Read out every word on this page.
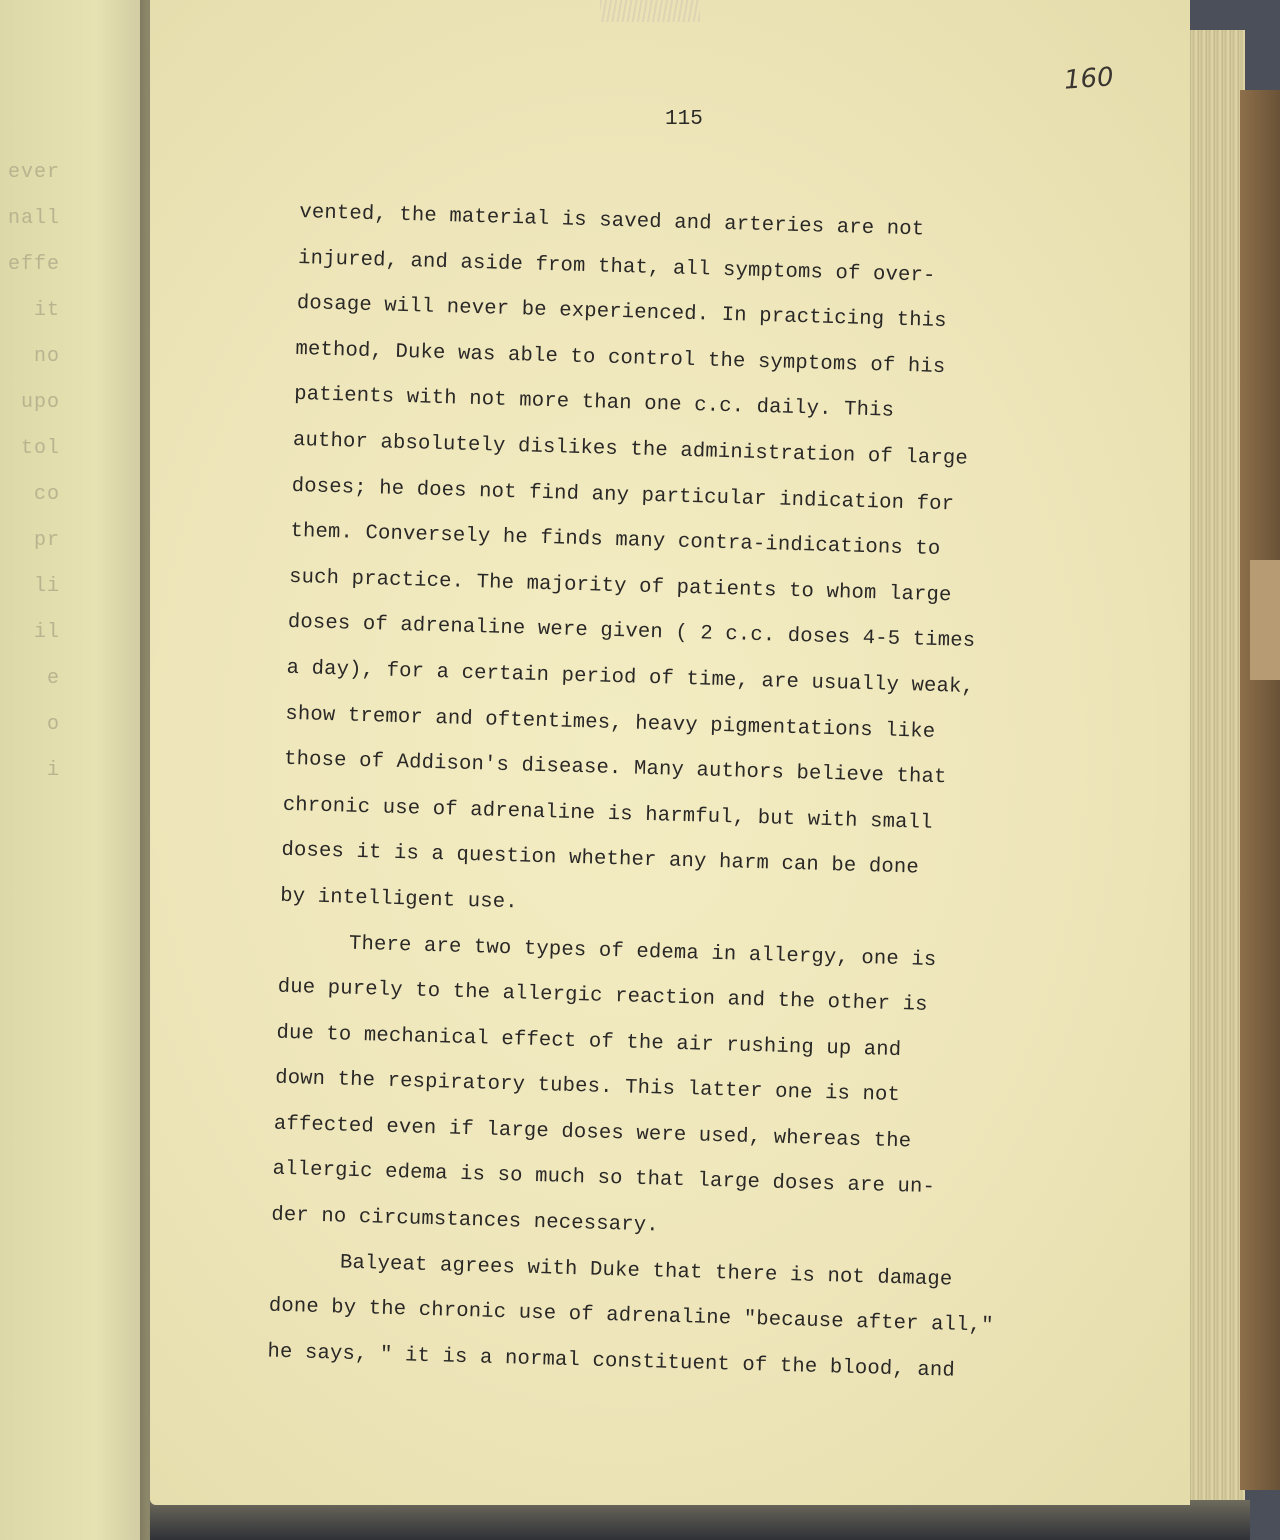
ever
nall
effe
it
no
upo
tol
co
pr
li
il
e
o
i
115
160
vented, the material is saved and arteries are not
injured, and aside from that, all symptoms of over-
dosage will never be experienced. In practicing this
method, Duke was able to control the symptoms of his
patients with not more than one c.c. daily. This
author absolutely dislikes the administration of large
doses; he does not find any particular indication for
them. Conversely he finds many contra-indications to
such practice. The majority of patients to whom large
doses of adrenaline were given ( 2 c.c. doses 4-5 times
a day), for a certain period of time, are usually weak,
show tremor and oftentimes, heavy pigmentations like
those of Addison's disease. Many authors believe that
chronic use of adrenaline is harmful, but with small
doses it is a question whether any harm can be done
by intelligent use.
There are two types of edema in allergy, one is
due purely to the allergic reaction and the other is
due to mechanical effect of the air rushing up and
down the respiratory tubes. This latter one is not
affected even if large doses were used, whereas the
allergic edema is so much so that large doses are un-
der no circumstances necessary.
Balyeat agrees with Duke that there is not damage
done by the chronic use of adrenaline "because after all,"
he says, " it is a normal constituent of the blood, and
